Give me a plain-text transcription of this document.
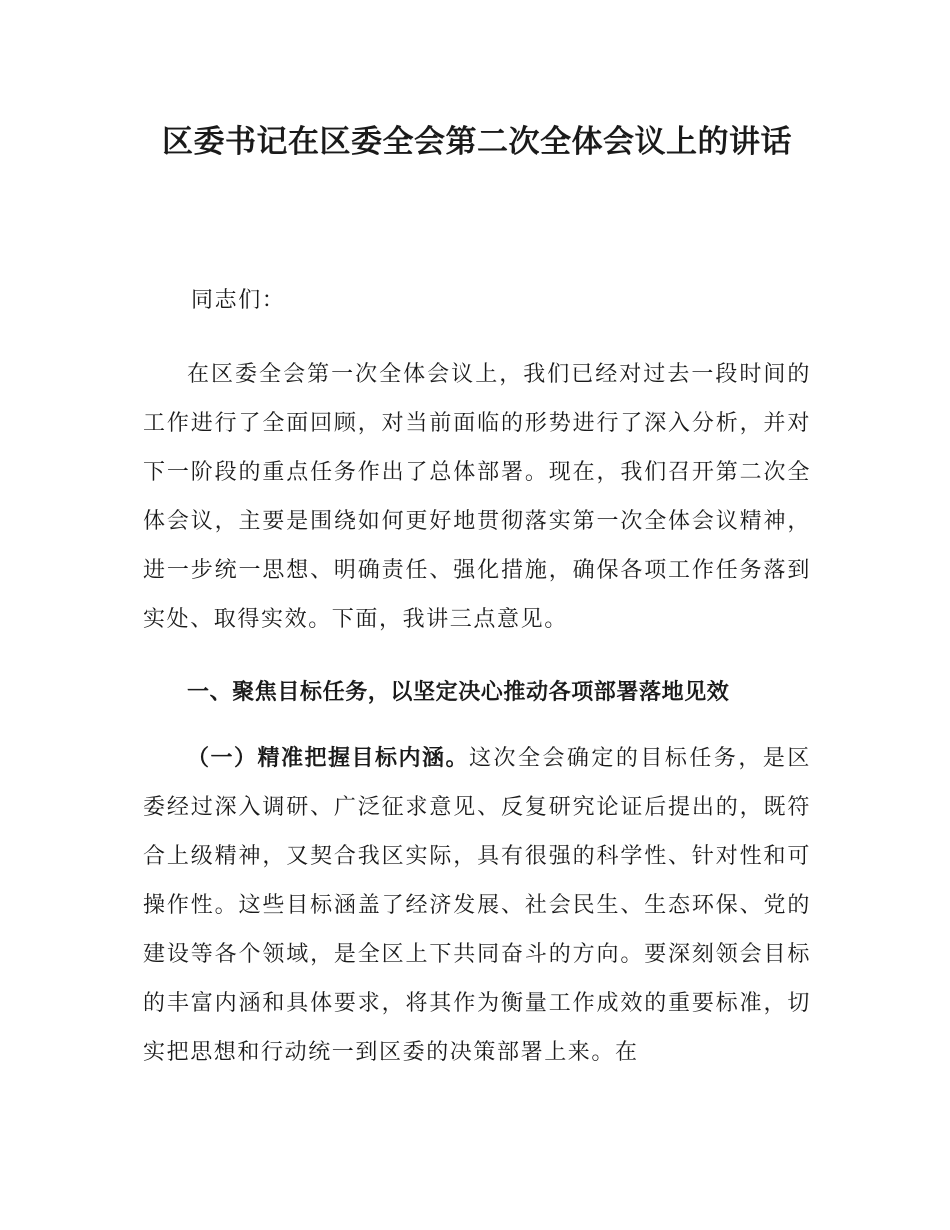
区委书记在区委全会第二次全体会议上的讲话

同志们：

在区委全会第一次全体会议上，我们已经对过去一段时间的工作进行了全面回顾，对当前面临的形势进行了深入分析，并对下一阶段的重点任务作出了总体部署。现在，我们召开第二次全体会议，主要是围绕如何更好地贯彻落实第一次全体会议精神，进一步统一思想、明确责任、强化措施，确保各项工作任务落到实处、取得实效。下面，我讲三点意见。

一、聚焦目标任务，以坚定决心推动各项部署落地见效

（一）精准把握目标内涵。这次全会确定的目标任务，是区委经过深入调研、广泛征求意见、反复研究论证后提出的，既符合上级精神，又契合我区实际，具有很强的科学性、针对性和可操作性。这些目标涵盖了经济发展、社会民生、生态环保、党的建设等各个领域，是全区上下共同奋斗的方向。要深刻领会目标的丰富内涵和具体要求，将其作为衡量工作成效的重要标准，切实把思想和行动统一到区委的决策部署上来。在
